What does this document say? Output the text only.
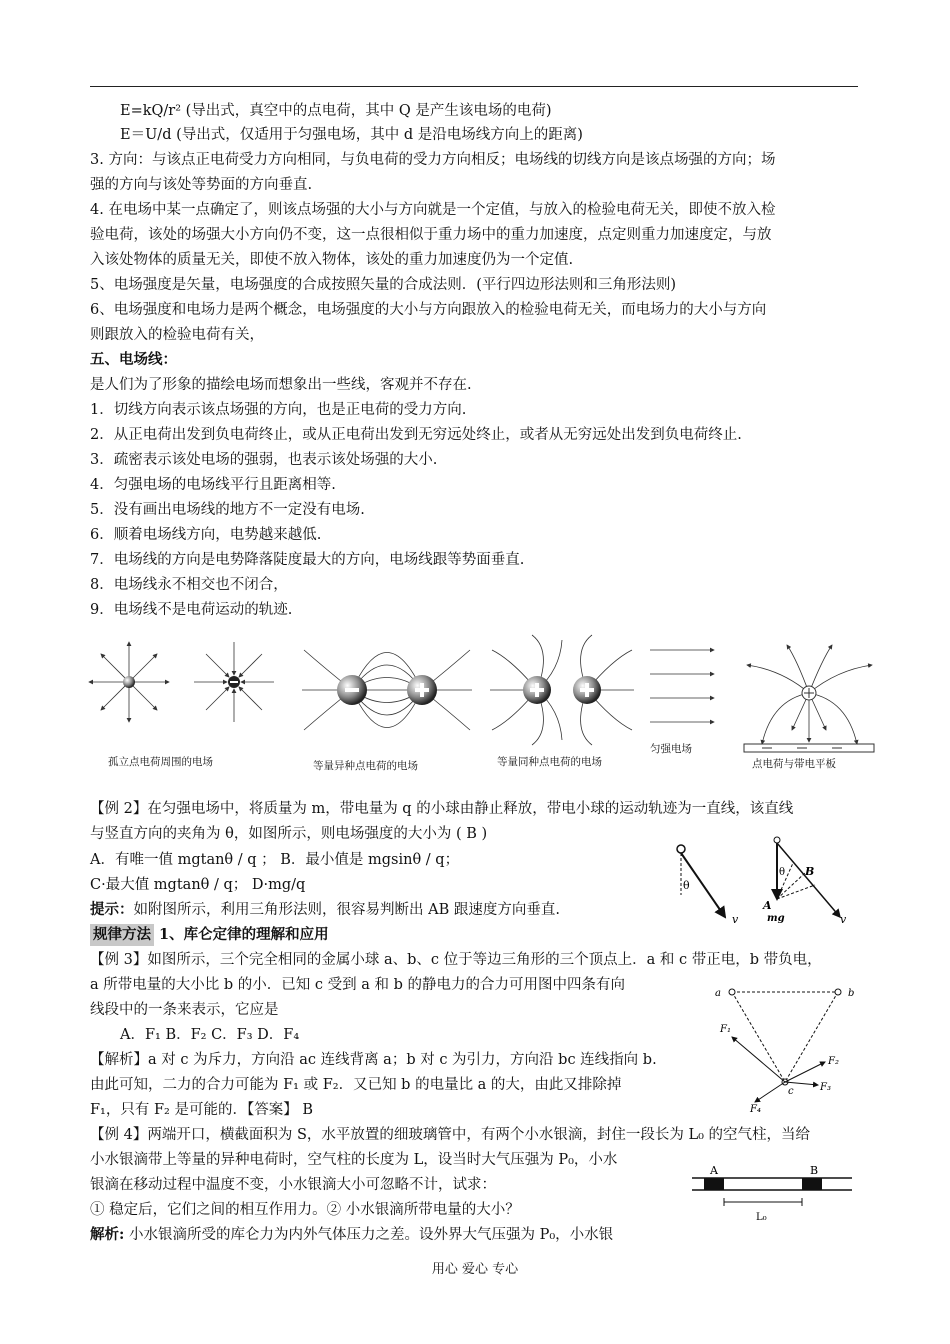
E=kQ/r² (导出式，真空中的点电荷，其中 Q 是产生该电场的电荷)
E＝U/d (导出式，仅适用于匀强电场，其中 d 是沿电场线方向上的距离)
3. 方向：与该点正电荷受力方向相同，与负电荷的受力方向相反；电场线的切线方向是该点场强的方向；场
强的方向与该处等势面的方向垂直.
4. 在电场中某一点确定了，则该点场强的大小与方向就是一个定值，与放入的检验电荷无关，即使不放入检
验电荷，该处的场强大小方向仍不变，这一点很相似于重力场中的重力加速度，点定则重力加速度定，与放
入该处物体的质量无关，即使不放入物体，该处的重力加速度仍为一个定值.
5、电场强度是矢量，电场强度的合成按照矢量的合成法则．(平行四边形法则和三角形法则)
6、电场强度和电场力是两个概念，电场强度的大小与方向跟放入的检验电荷无关，而电场力的大小与方向
则跟放入的检验电荷有关，
五、电场线：
是人们为了形象的描绘电场而想象出一些线，客观并不存在.
1．切线方向表示该点场强的方向，也是正电荷的受力方向.
2．从正电荷出发到负电荷终止，或从正电荷出发到无穷远处终止，或者从无穷远处出发到负电荷终止.
3．疏密表示该处电场的强弱，也表示该处场强的大小.
4．匀强电场的电场线平行且距离相等.
5．没有画出电场线的地方不一定没有电场.
6．顺着电场线方向，电势越来越低.
7．电场线的方向是电势降落陡度最大的方向，电场线跟等势面垂直.
8．电场线永不相交也不闭合，
9．电场线不是电荷运动的轨迹.
孤立点电荷周围的电场	等量异种点电荷的电场	等量同种点电荷的电场
匀强电场
点电荷与带电平板
【例 2】在匀强电场中，将质量为 m，带电量为 q 的小球由静止释放，带电小球的运动轨迹为一直线，该直线
与竖直方向的夹角为 θ，如图所示，则电场强度的大小为 ( B )
A．有唯一值 mgtanθ / q ； B．最小值是 mgsinθ / q；
C·最大值 mgtanθ / q； D·mg/q
提示：如附图所示，利用三角形法则，很容易判断出 AB 跟速度方向垂直.
θ
v
θ B
A
mg	v
规律方法 1、库仑定律的理解和应用
【例 3】如图所示，三个完全相同的金属小球 a、b、c 位于等边三角形的三个顶点上．a 和 c 带正电，b 带负电，
a 所带电量的大小比 b 的小．已知 c 受到 a 和 b 的静电力的合力可用图中四条有向
线段中的一条来表示，它应是
A．F₁ B．F₂ C．F₃ D．F₄
【解析】a 对 c 为斥力，方向沿 ac 连线背离 a；b 对 c 为引力，方向沿 bc 连线指向 b.
由此可知，二力的合力可能为 F₁ 或 F₂．又已知 b 的电量比 a 的大，由此又排除掉
F₁，只有 F₂ 是可能的．【答案】 B
a	b
c
F₁
F₂
F₃
F₄
【例 4】两端开口，横截面积为 S，水平放置的细玻璃管中，有两个小水银滴，封住一段长为 L₀ 的空气柱，当给
小水银滴带上等量的异种电荷时，空气柱的长度为 L，设当时大气压强为 P₀，小水
银滴在移动过程中温度不变，小水银滴大小可忽略不计，试求：
① 稳定后，它们之间的相互作用力。② 小水银滴所带电量的大小？
解析: 小水银滴所受的库仑力为内外气体压力之差。设外界大气压强为 P₀，小水银
A	B
L₀
用心 爱心 专心
